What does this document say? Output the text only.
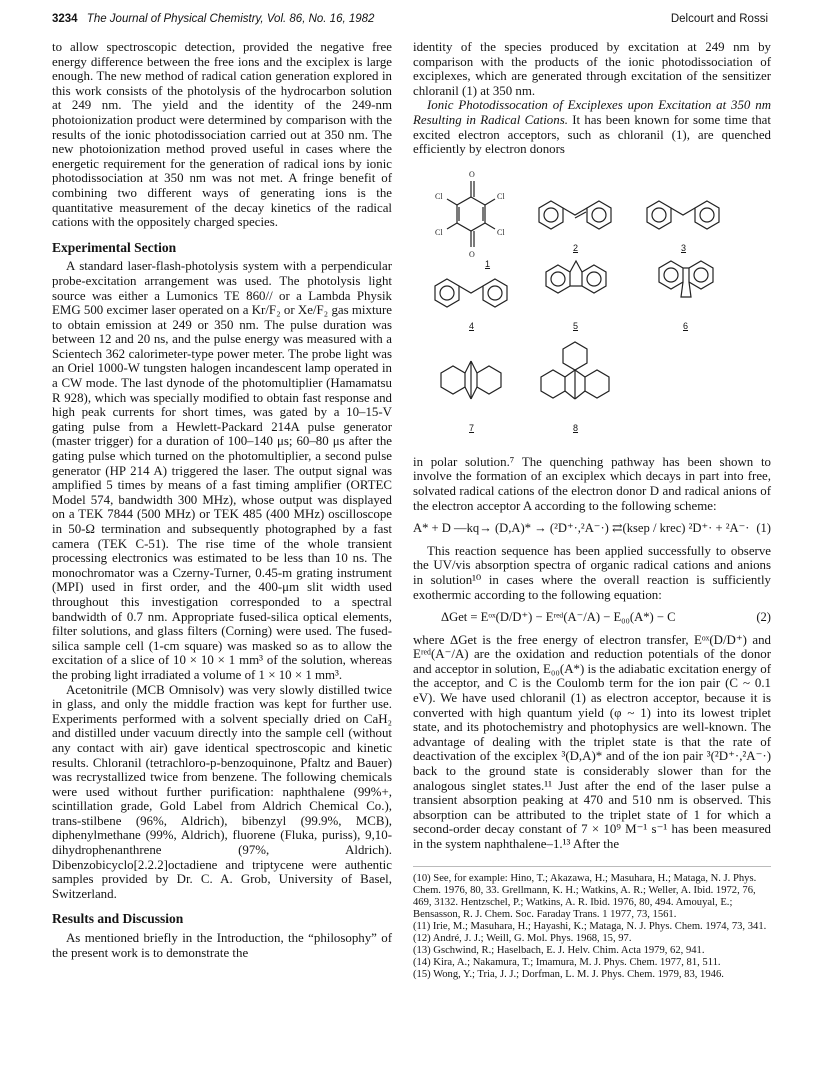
3234 The Journal of Physical Chemistry, Vol. 86, No. 16, 1982	Delcourt and Rossi

to allow spectroscopic detection, provided the negative free energy difference between the free ions and the exciplex is large enough. The new method of radical cation generation explored in this work consists of the photolysis of the hydrocarbon solution at 249 nm. The yield and the identity of the 249-nm photoionization product were determined by comparison with the results of the ionic photodissociation carried out at 350 nm. The new photoionization method proved useful in cases where the energetic requirement for the generation of radical ions by ionic photodissociation at 350 nm was not met. A fringe benefit of combining two different ways of generating ions is the quantitative measurement of the decay kinetics of the radical cations with the oppositely charged species.

Experimental Section

A standard laser-flash-photolysis system with a perpendicular probe-excitation arrangement was used. The photolysis light source was either a Lumonics TE 860// or a Lambda Physik EMG 500 excimer laser operated on a Kr/F₂ or Xe/F₂ gas mixture to obtain emission at 249 or 350 nm. The pulse duration was between 12 and 20 ns, and the pulse energy was measured with a Scientech 362 calorimeter-type power meter. The probe light was an Oriel 1000-W tungsten halogen incandescent lamp operated in a CW mode. The last dynode of the photomultiplier (Hamamatsu R 928), which was specially modified to obtain fast response and high peak currents for short times, was gated by a 10–15-V gating pulse from a Hewlett-Packard 214A pulse generator (master trigger) for a duration of 100–140 μs; 60–80 μs after the gating pulse which turned on the photomultiplier, a second pulse generator (HP 214 A) triggered the laser. The output signal was amplified 5 times by means of a fast timing amplifier (ORTEC Model 574, bandwidth 300 MHz), whose output was displayed on a TEK 7844 (500 MHz) or TEK 485 (400 MHz) oscilloscope in 50-Ω termination and subsequently photographed by a fast camera (TEK C-51). The rise time of the whole transient processing electronics was estimated to be less than 10 ns. The monochromator was a Czerny-Turner, 0.45-m grating instrument (MPI) used in first order, and the 400-μm slit width used throughout this investigation corresponded to a spectral bandwidth of 0.7 nm. Appropriate fused-silica optical elements, filter solutions, and glass filters (Corning) were used. The fused-silica sample cell (1-cm square) was masked so as to allow the excitation of a slice of 10 × 10 × 1 mm³ of the solution, whereas the probing light irradiated a volume of 1 × 10 × 1 mm³.

Acetonitrile (MCB Omnisolv) was very slowly distilled twice in glass, and only the middle fraction was kept for further use. Experiments performed with a solvent specially dried on CaH₂ and distilled under vacuum directly into the sample cell (without any contact with air) gave identical spectroscopic and kinetic results. Chloranil (tetrachloro-p-benzoquinone, Pfaltz and Bauer) was recrystallized twice from benzene. The following chemicals were used without further purification: naphthalene (99%+, scintillation grade, Gold Label from Aldrich Chemical Co.), trans-stilbene (96%, Aldrich), bibenzyl (99.9%, MCB), diphenylmethane (99%, Aldrich), fluorene (Fluka, puriss), 9,10-dihydrophenanthrene (97%, Aldrich). Dibenzobicyclo[2.2.2]octadiene and triptycene were authentic samples provided by Dr. C. A. Grob, University of Basel, Switzerland.

Results and Discussion

As mentioned briefly in the Introduction, the “philosophy” of the present work is to demonstrate the

identity of the species produced by excitation at 249 nm by comparison with the products of the ionic photodissociation of exciplexes, which are generated through excitation of the sensitizer chloranil (1) at 350 nm.

Ionic Photodissocation of Exciplexes upon Excitation at 350 nm Resulting in Radical Cations. It has been known for some time that excited electron acceptors, such as chloranil (1), are quenched efficiently by electron donors

O
O
Cl	Cl
Cl	Cl
1
2	3
4	5	6
7	8

in polar solution.⁷ The quenching pathway has been shown to involve the formation of an exciplex which decays in part into free, solvated radical cations of the electron donor D and radical anions of the electron acceptor A according to the following scheme:

A* + D —kq→ (D,A)* → (²D⁺·,²A⁻·) ⇄(ksep / krec) ²D⁺· + ²A⁻· (1)

This reaction sequence has been applied successfully to observe the UV/vis absorption spectra of organic radical cations and anions in solution¹⁰ in cases where the overall reaction is sufficiently exothermic according to the following equation:

ΔGet = Eᵒˣ(D/D⁺) − Eʳᵉᵈ(A⁻/A) − E₀₀(A*) − C	(2)

where ΔGet is the free energy of electron transfer, Eᵒˣ(D/D⁺) and Eʳᵉᵈ(A⁻/A) are the oxidation and reduction potentials of the donor and acceptor in solution, E₀₀(A*) is the adiabatic excitation energy of the acceptor, and C is the Coulomb term for the ion pair (C ~ 0.1 eV). We have used chloranil (1) as electron acceptor, because it is converted with high quantum yield (φ ~ 1) into its lowest triplet state, and its photochemistry and photophysics are well-known. The advantage of dealing with the triplet state is that the rate of deactivation of the exciplex ³(D,A)* and of the ion pair ³(²D⁺·,²A⁻·) back to the ground state is considerably slower than for the analogous singlet states.¹¹ Just after the end of the laser pulse a transient absorption peaking at 470 and 510 nm is observed. This absorption can be attributed to the triplet state of 1 for which a second-order decay constant of 7 × 10⁹ M⁻¹ s⁻¹ has been measured in the system naphthalene–1.¹³ After the

(10) See, for example: Hino, T.; Akazawa, H.; Masuhara, H.; Mataga, N. J. Phys. Chem. 1976, 80, 33. Grellmann, K. H.; Watkins, A. R.; Weller, A. Ibid. 1972, 76, 469, 3132. Hentzschel, P.; Watkins, A. R. Ibid. 1976, 80, 494. Amouyal, E.; Bensasson, R. J. Chem. Soc. Faraday Trans. 1 1977, 73, 1561.

(11) Irie, M.; Masuhara, H.; Hayashi, K.; Mataga, N. J. Phys. Chem. 1974, 73, 341.

(12) André, J. J.; Weill, G. Mol. Phys. 1968, 15, 97.

(13) Gschwind, R.; Haselbach, E. J. Helv. Chim. Acta 1979, 62, 941.

(14) Kira, A.; Nakamura, T.; Imamura, M. J. Phys. Chem. 1977, 81, 511.

(15) Wong, Y.; Tria, J. J.; Dorfman, L. M. J. Phys. Chem. 1979, 83, 1946.
